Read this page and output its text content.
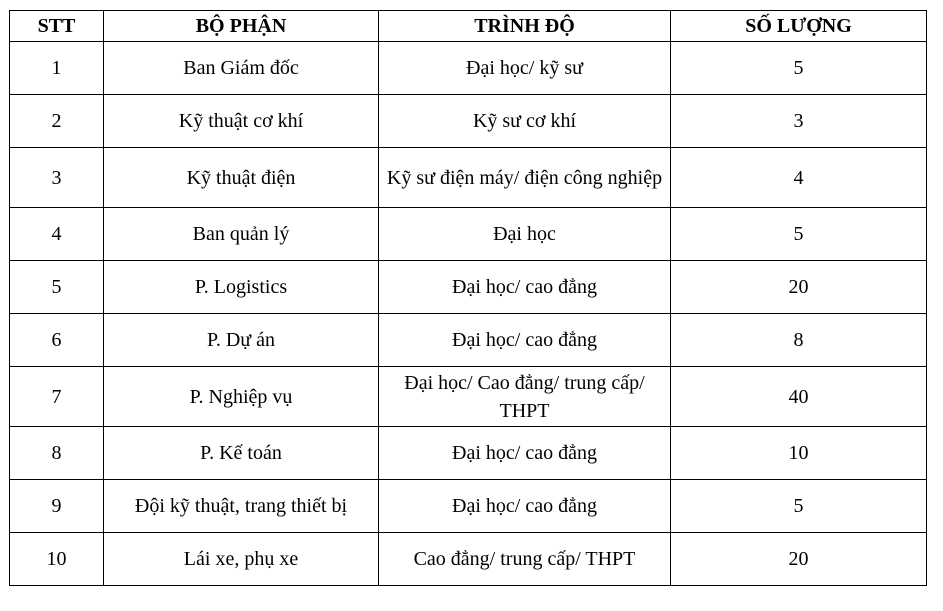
STT	BỘ PHẬN	TRÌNH ĐỘ	SỐ LƯỢNG
1	Ban Giám đốc	Đại học/ kỹ sư	5
2	Kỹ thuật cơ khí	Kỹ sư cơ khí	3
3	Kỹ thuật điện	Kỹ sư điện máy/ điện công nghiệp	4
4	Ban quản lý	Đại học	5
5	P. Logistics	Đại học/ cao đẳng	20
6	P. Dự án	Đại học/ cao đẳng	8
7	P. Nghiệp vụ	Đại học/ Cao đẳng/ trung cấp/ THPT	40
8	P. Kế toán	Đại học/ cao đẳng	10
9	Đội kỹ thuật, trang thiết bị	Đại học/ cao đẳng	5
10	Lái xe, phụ xe	Cao đẳng/ trung cấp/ THPT	20
